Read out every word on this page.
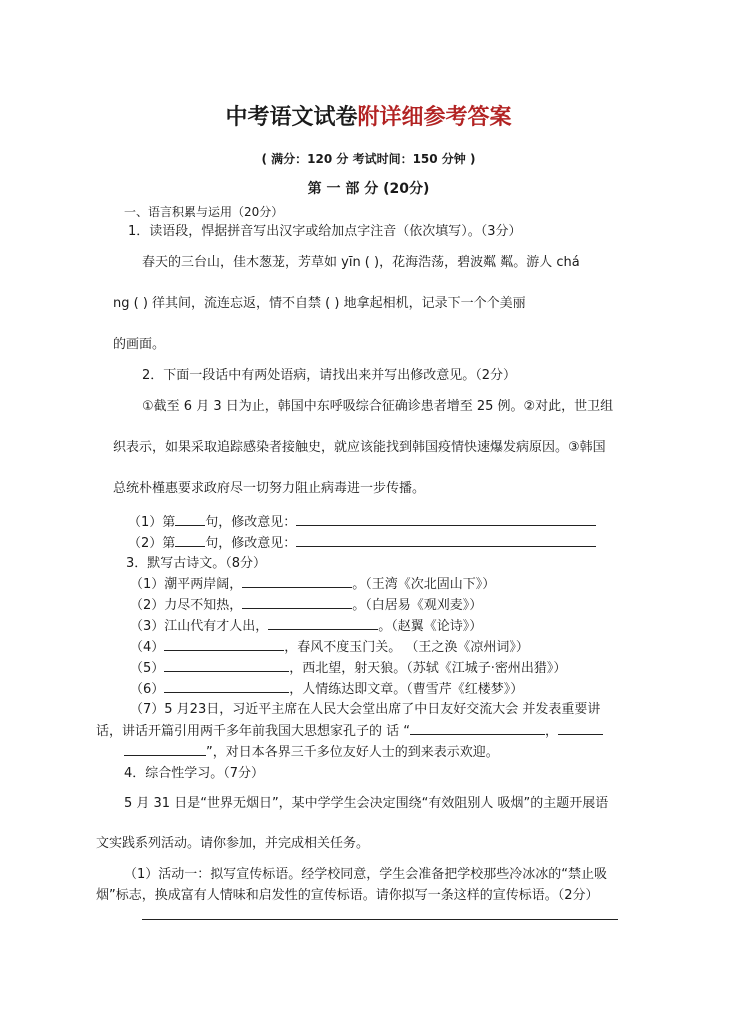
中考语文试卷附详细参考答案
( 满分：120 分 考试时间：150 分钟 )
第 一 部 分 (20分)
一、语言积累与运用（20分）
1．读语段，悍据拼音写出汉字或给加点字注音（依次填写）。（3分）
春天的三台山，佳木葱茏，芳草如 yīn ( )，花海浩荡，碧波粼 粼。游人 chá
ng ( ) 徉其间，流连忘返，情不自禁 ( ) 地拿起相机，记录下一个个美丽
的画面。
2．下面一段话中有两处语病，请找出来并写出修改意见。（2分）
①截至 6 月 3 日为止，韩国中东呼吸综合征确诊患者增至 25 例。②对此，世卫组
织表示，如果采取追踪感染者接触史，就应该能找到韩国疫情快速爆发病原因。③韩国
总统朴槿惠要求政府尽一切努力阻止病毒进一步传播。
（1）第 句，修改意见：
（2）第 句，修改意见：
3．默写古诗文。（8分）
（1）潮平两岸阔，	。（王湾《次北固山下》）
（2）力尽不知热，	。（白居易《观刈麦》）
（3）江山代有才人出，	。（赵翼《论诗》）
（4）	，春风不度玉门关。 （王之涣《凉州词》）
（5）	，西北望，射天狼。（苏轼《江城子·密州出猎》）
（6）	，人情练达即文章。（曹雪芹《红楼梦》）
（7）5 月23日，习近平主席在人民大会堂出席了中日友好交流大会 并发表重要讲
话，讲话开篇引用两千多年前我国大思想家孔子的 话 “	，
”，对日本各界三千多位友好人士的到来表示欢迎。
4．综合性学习。（7分）
5 月 31 日是“世界无烟日”，某中学学生会决定围绕“有效阻别人 吸烟”的主题开展语
文实践系列活动。请你参加，并完成相关任务。
（1）活动一：拟写宣传标语。经学校同意，学生会准备把学校那些冷冰冰的“禁止吸
烟”标志，换成富有人情味和启发性的宣传标语。请你拟写一条这样的宣传标语。（2分）
